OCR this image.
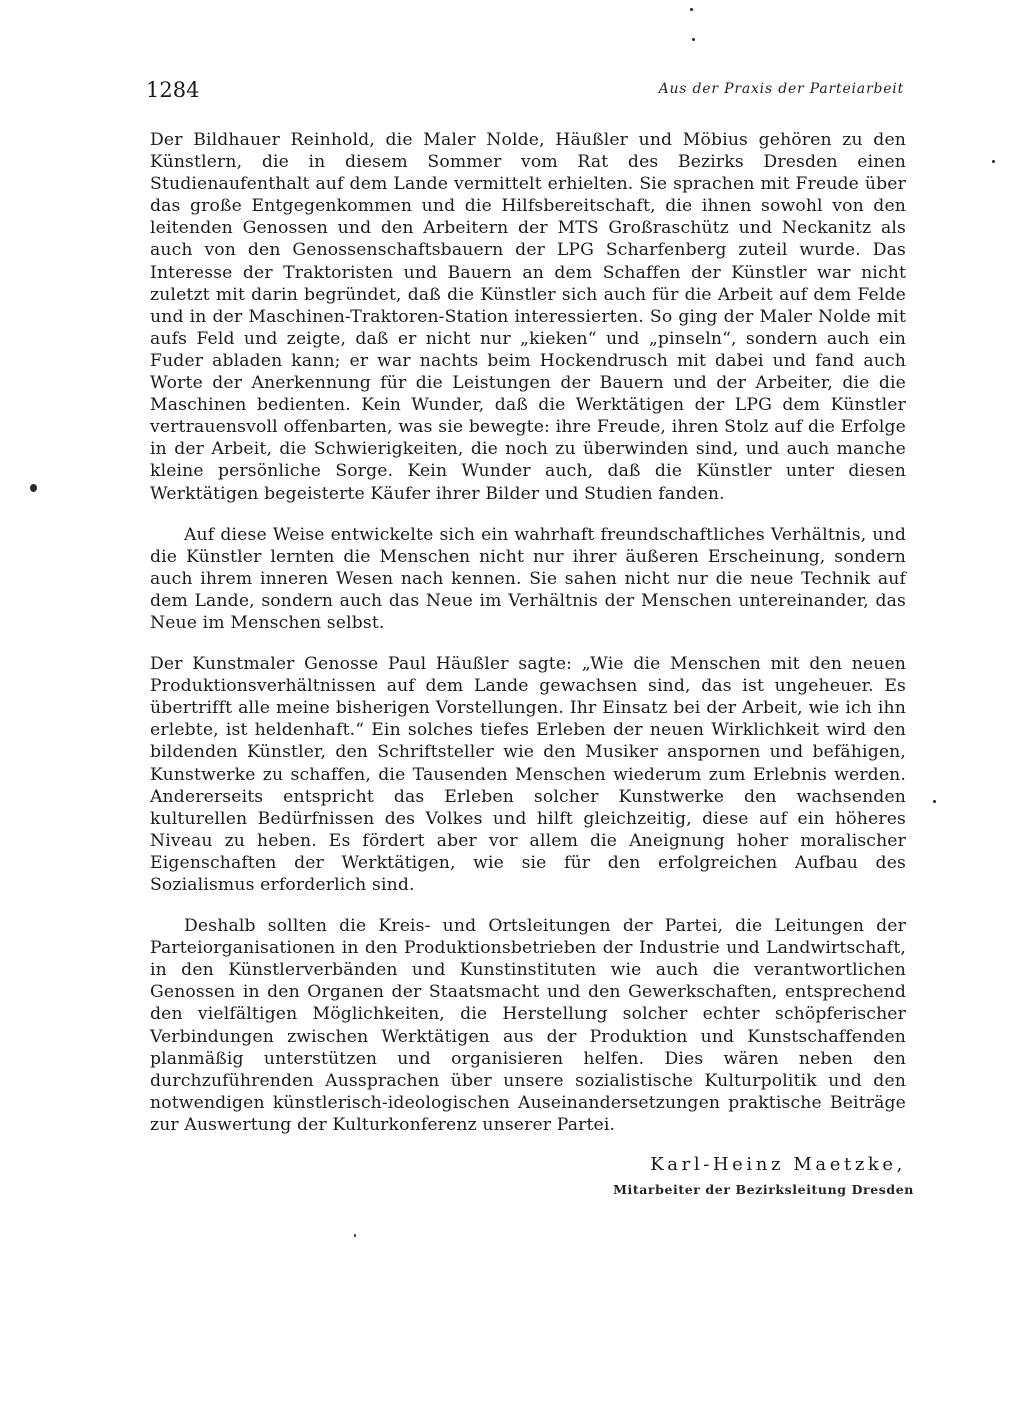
1284	Aus der Praxis der Parteiarbeit

Der Bildhauer Reinhold, die Maler Nolde, Häußler und Möbius gehören zu den Künstlern, die in diesem Sommer vom Rat des Bezirks Dresden einen Studienaufenthalt auf dem Lande vermittelt erhielten. Sie sprachen mit Freude über das große Entgegenkommen und die Hilfsbereitschaft, die ihnen sowohl von den leitenden Genossen und den Arbeitern der MTS Großraschütz und Neckanitz als auch von den Genossenschaftsbauern der LPG Scharfenberg zuteil wurde. Das Interesse der Traktoristen und Bauern an dem Schaffen der Künstler war nicht zuletzt mit darin begründet, daß die Künstler sich auch für die Arbeit auf dem Felde und in der Maschinen-Traktoren-Station interessierten. So ging der Maler Nolde mit aufs Feld und zeigte, daß er nicht nur „kieken“ und „pinseln“, sondern auch ein Fuder abladen kann; er war nachts beim Hockendrusch mit dabei und fand auch Worte der Anerkennung für die Leistungen der Bauern und der Arbeiter, die die Maschinen bedienten. Kein Wunder, daß die Werktätigen der LPG dem Künstler vertrauensvoll offenbarten, was sie bewegte: ihre Freude, ihren Stolz auf die Erfolge in der Arbeit, die Schwierigkeiten, die noch zu überwinden sind, und auch manche kleine persönliche Sorge. Kein Wunder auch, daß die Künstler unter diesen Werktätigen begeisterte Käufer ihrer Bilder und Studien fanden.

Auf diese Weise entwickelte sich ein wahrhaft freundschaftliches Verhältnis, und die Künstler lernten die Menschen nicht nur ihrer äußeren Erscheinung, sondern auch ihrem inneren Wesen nach kennen. Sie sahen nicht nur die neue Technik auf dem Lande, sondern auch das Neue im Verhältnis der Menschen untereinander, das Neue im Menschen selbst.

Der Kunstmaler Genosse Paul Häußler sagte: „Wie die Menschen mit den neuen Produktionsverhältnissen auf dem Lande gewachsen sind, das ist ungeheuer. Es übertrifft alle meine bisherigen Vorstellungen. Ihr Einsatz bei der Arbeit, wie ich ihn erlebte, ist heldenhaft.“ Ein solches tiefes Erleben der neuen Wirklichkeit wird den bildenden Künstler, den Schriftsteller wie den Musiker anspornen und befähigen, Kunstwerke zu schaffen, die Tausenden Menschen wiederum zum Erlebnis werden. Andererseits entspricht das Erleben solcher Kunstwerke den wachsenden kulturellen Bedürfnissen des Volkes und hilft gleichzeitig, diese auf ein höheres Niveau zu heben. Es fördert aber vor allem die Aneignung hoher moralischer Eigenschaften der Werktätigen, wie sie für den erfolgreichen Aufbau des Sozialismus erforderlich sind.

Deshalb sollten die Kreis- und Ortsleitungen der Partei, die Leitungen der Parteiorganisationen in den Produktionsbetrieben der Industrie und Landwirtschaft, in den Künstlerverbänden und Kunstinstituten wie auch die verantwortlichen Genossen in den Organen der Staatsmacht und den Gewerkschaften, entsprechend den vielfältigen Möglichkeiten, die Herstellung solcher echter schöpferischer Verbindungen zwischen Werktätigen aus der Produktion und Kunstschaffenden planmäßig unterstützen und organisieren helfen. Dies wären neben den durchzuführenden Aussprachen über unsere sozialistische Kulturpolitik und den notwendigen künstlerisch-ideologischen Auseinandersetzungen praktische Beiträge zur Auswertung der Kulturkonferenz unserer Partei.

Karl-Heinz Maetzke,
Mitarbeiter der Bezirksleitung Dresden
